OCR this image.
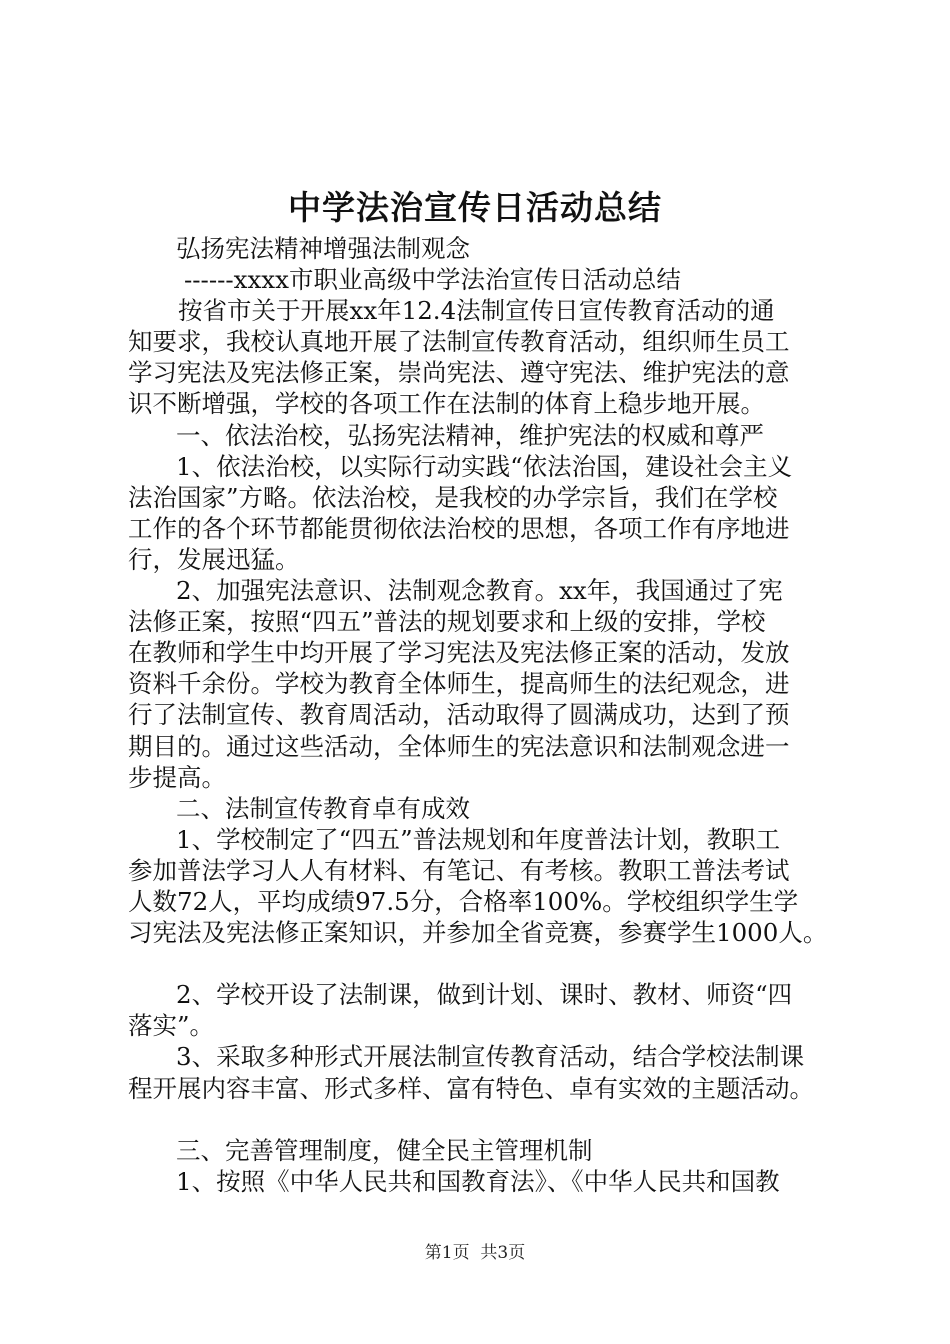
中学法治宣传日活动总结
弘扬宪法精神增强法制观念
------xxxx市职业高级中学法治宣传日活动总结
按省市关于开展xx年12.4法制宣传日宣传教育活动的通
知要求，我校认真地开展了法制宣传教育活动，组织师生员工
学习宪法及宪法修正案，崇尚宪法、遵守宪法、维护宪法的意
识不断增强，学校的各项工作在法制的体育上稳步地开展。
一、依法治校，弘扬宪法精神，维护宪法的权威和尊严
1、依法治校，以实际行动实践“依法治国，建设社会主义
法治国家”方略。依法治校，是我校的办学宗旨，我们在学校
工作的各个环节都能贯彻依法治校的思想，各项工作有序地进
行，发展迅猛。
2、加强宪法意识、法制观念教育。xx年，我国通过了宪
法修正案，按照“四五”普法的规划要求和上级的安排，学校
在教师和学生中均开展了学习宪法及宪法修正案的活动，发放
资料千余份。学校为教育全体师生，提高师生的法纪观念，进
行了法制宣传、教育周活动，活动取得了圆满成功，达到了预
期目的。通过这些活动，全体师生的宪法意识和法制观念进一
步提高。
二、法制宣传教育卓有成效
1、学校制定了“四五”普法规划和年度普法计划，教职工
参加普法学习人人有材料、有笔记、有考核。教职工普法考试
人数72人，平均成绩97.5分，合格率100%。学校组织学生学
习宪法及宪法修正案知识，并参加全省竞赛，参赛学生1000人。
2、学校开设了法制课，做到计划、课时、教材、师资“四
落实”。
3、采取多种形式开展法制宣传教育活动，结合学校法制课
程开展内容丰富、形式多样、富有特色、卓有实效的主题活动。
三、完善管理制度，健全民主管理机制
1、按照《中华人民共和国教育法》、《中华人民共和国教
第1页  共3页
